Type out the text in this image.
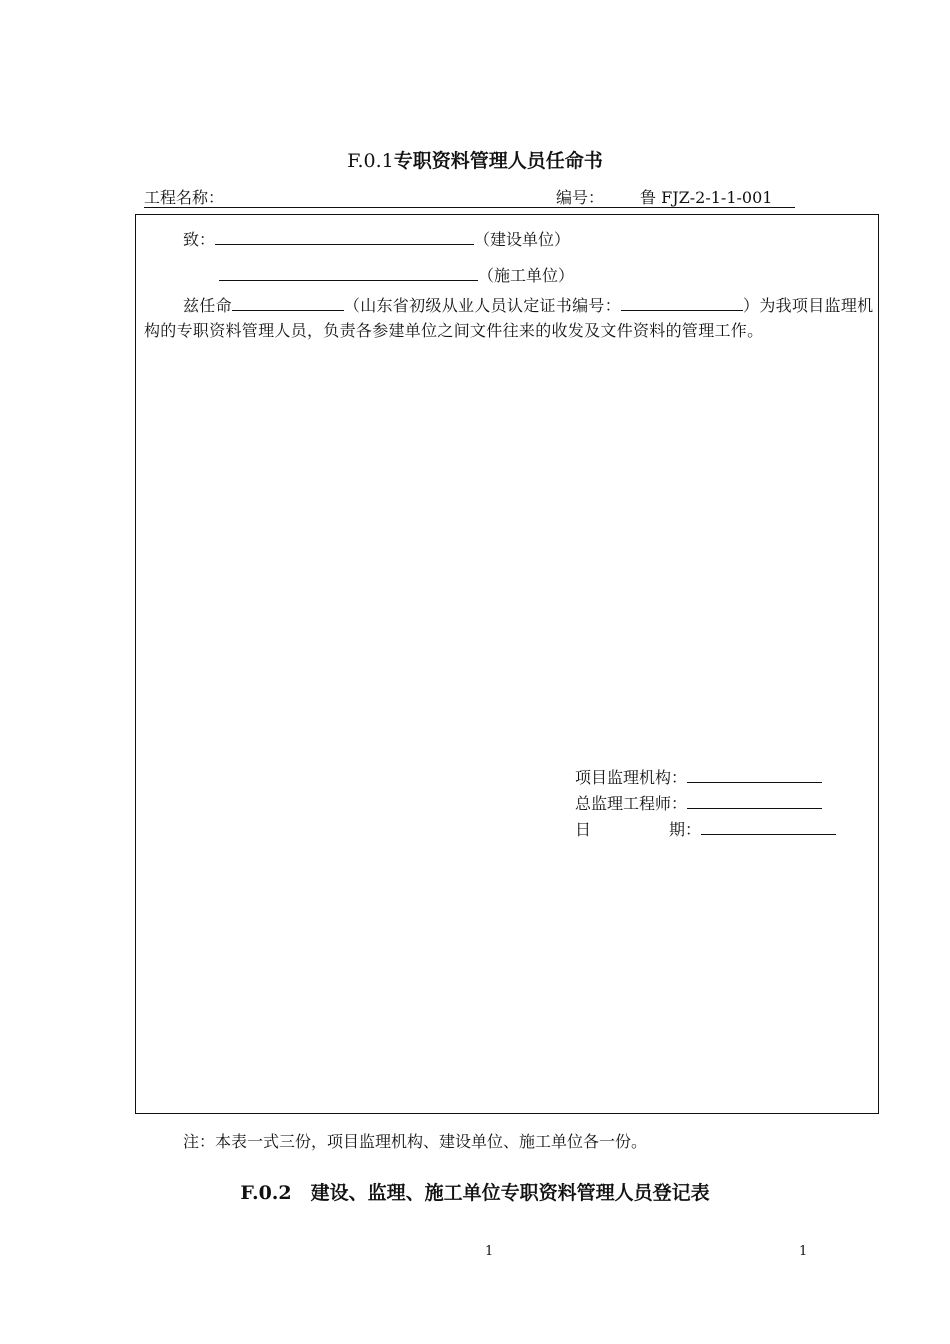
F.0.1专职资料管理人员任命书
工程名称：	编号： 鲁 FJZ-2-1-1-001
致：	（建设单位）
（施工单位）
兹任命	（山东省初级从业人员认定证书编号：	）为我项目监理机构的专职资料管理人员，负责各参建单位之间文件往来的收发及文件资料的管理工作。
项目监理机构：
总监理工程师：
日	期：
注：本表一式三份，项目监理机构、建设单位、施工单位各一份。
F.0.2　建设、监理、施工单位专职资料管理人员登记表
1	1
